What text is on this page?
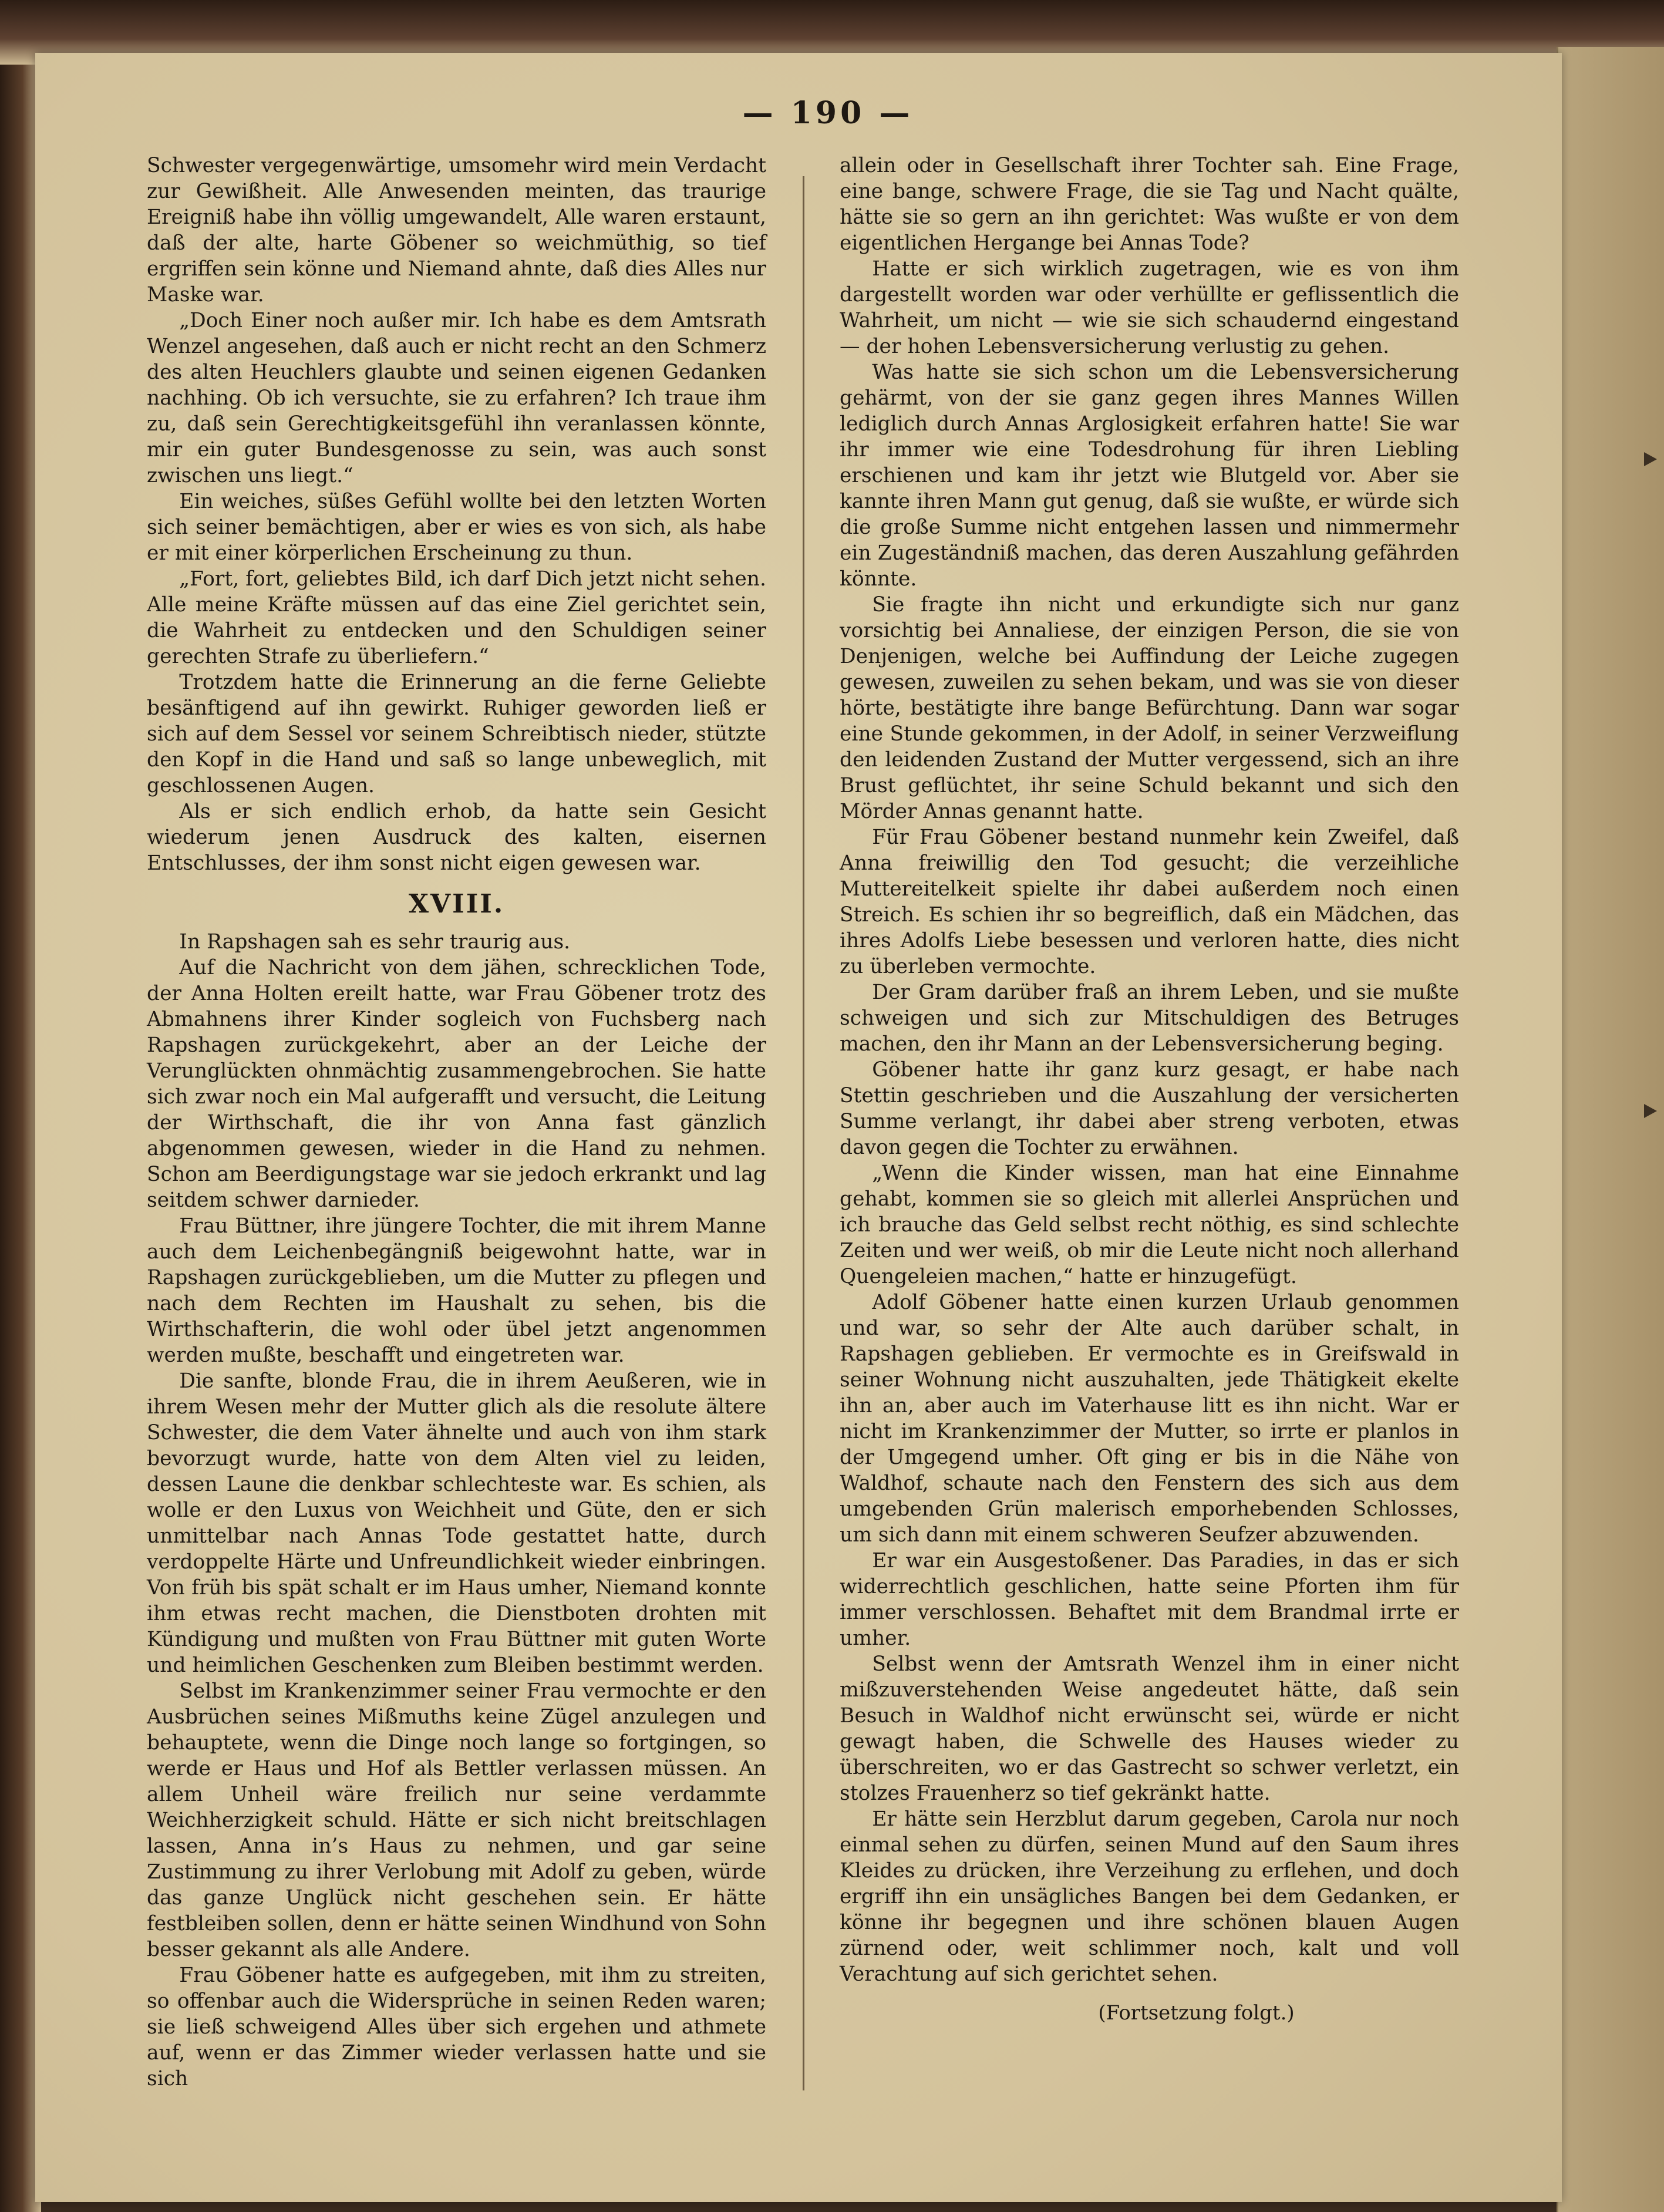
— 190 —

Schwester vergegenwärtige, umsomehr wird mein Verdacht zur Gewißheit. Alle Anwesenden meinten, das traurige Ereigniß habe ihn völlig umgewandelt, Alle waren erstaunt, daß der alte, harte Göbener so weichmüthig, so tief ergriffen sein könne und Niemand ahnte, daß dies Alles nur Maske war.

„Doch Einer noch außer mir. Ich habe es dem Amtsrath Wenzel angesehen, daß auch er nicht recht an den Schmerz des alten Heuchlers glaubte und seinen eigenen Gedanken nachhing. Ob ich versuchte, sie zu erfahren? Ich traue ihm zu, daß sein Gerechtigkeitsgefühl ihn veranlassen könnte, mir ein guter Bundesgenosse zu sein, was auch sonst zwischen uns liegt.“

Ein weiches, süßes Gefühl wollte bei den letzten Worten sich seiner bemächtigen, aber er wies es von sich, als habe er mit einer körperlichen Erscheinung zu thun.

„Fort, fort, geliebtes Bild, ich darf Dich jetzt nicht sehen. Alle meine Kräfte müssen auf das eine Ziel gerichtet sein, die Wahrheit zu entdecken und den Schuldigen seiner gerechten Strafe zu überliefern.“

Trotzdem hatte die Erinnerung an die ferne Geliebte besänftigend auf ihn gewirkt. Ruhiger geworden ließ er sich auf dem Sessel vor seinem Schreibtisch nieder, stützte den Kopf in die Hand und saß so lange unbeweglich, mit geschlossenen Augen.

Als er sich endlich erhob, da hatte sein Gesicht wiederum jenen Ausdruck des kalten, eisernen Entschlusses, der ihm sonst nicht eigen gewesen war.

XVIII.

In Rapshagen sah es sehr traurig aus.

Auf die Nachricht von dem jähen, schrecklichen Tode, der Anna Holten ereilt hatte, war Frau Göbener trotz des Abmahnens ihrer Kinder sogleich von Fuchsberg nach Rapshagen zurückgekehrt, aber an der Leiche der Verunglückten ohnmächtig zusammengebrochen. Sie hatte sich zwar noch ein Mal aufgerafft und versucht, die Leitung der Wirthschaft, die ihr von Anna fast gänzlich abgenommen gewesen, wieder in die Hand zu nehmen. Schon am Beerdigungstage war sie jedoch erkrankt und lag seitdem schwer darnieder.

Frau Büttner, ihre jüngere Tochter, die mit ihrem Manne auch dem Leichenbegängniß beigewohnt hatte, war in Rapshagen zurückgeblieben, um die Mutter zu pflegen und nach dem Rechten im Haushalt zu sehen, bis die Wirthschafterin, die wohl oder übel jetzt angenommen werden mußte, beschafft und eingetreten war.

Die sanfte, blonde Frau, die in ihrem Aeußeren, wie in ihrem Wesen mehr der Mutter glich als die resolute ältere Schwester, die dem Vater ähnelte und auch von ihm stark bevorzugt wurde, hatte von dem Alten viel zu leiden, dessen Laune die denkbar schlechteste war. Es schien, als wolle er den Luxus von Weichheit und Güte, den er sich unmittelbar nach Annas Tode gestattet hatte, durch verdoppelte Härte und Unfreundlichkeit wieder einbringen. Von früh bis spät schalt er im Haus umher, Niemand konnte ihm etwas recht machen, die Dienstboten drohten mit Kündigung und mußten von Frau Büttner mit guten Worte und heimlichen Geschenken zum Bleiben bestimmt werden.

Selbst im Krankenzimmer seiner Frau vermochte er den Ausbrüchen seines Mißmuths keine Zügel anzulegen und behauptete, wenn die Dinge noch lange so fortgingen, so werde er Haus und Hof als Bettler verlassen müssen. An allem Unheil wäre freilich nur seine verdammte Weichherzigkeit schuld. Hätte er sich nicht breitschlagen lassen, Anna in’s Haus zu nehmen, und gar seine Zustimmung zu ihrer Verlobung mit Adolf zu geben, würde das ganze Unglück nicht geschehen sein. Er hätte festbleiben sollen, denn er hätte seinen Windhund von Sohn besser gekannt als alle Andere.

Frau Göbener hatte es aufgegeben, mit ihm zu streiten, so offenbar auch die Widersprüche in seinen Reden waren; sie ließ schweigend Alles über sich ergehen und athmete auf, wenn er das Zimmer wieder verlassen hatte und sie sich

allein oder in Gesellschaft ihrer Tochter sah. Eine Frage, eine bange, schwere Frage, die sie Tag und Nacht quälte, hätte sie so gern an ihn gerichtet: Was wußte er von dem eigentlichen Hergange bei Annas Tode?

Hatte er sich wirklich zugetragen, wie es von ihm dargestellt worden war oder verhüllte er geflissentlich die Wahrheit, um nicht — wie sie sich schaudernd eingestand — der hohen Lebensversicherung verlustig zu gehen.

Was hatte sie sich schon um die Lebensversicherung gehärmt, von der sie ganz gegen ihres Mannes Willen lediglich durch Annas Arglosigkeit erfahren hatte! Sie war ihr immer wie eine Todesdrohung für ihren Liebling erschienen und kam ihr jetzt wie Blutgeld vor. Aber sie kannte ihren Mann gut genug, daß sie wußte, er würde sich die große Summe nicht entgehen lassen und nimmermehr ein Zugeständniß machen, das deren Auszahlung gefährden könnte.

Sie fragte ihn nicht und erkundigte sich nur ganz vorsichtig bei Annaliese, der einzigen Person, die sie von Denjenigen, welche bei Auffindung der Leiche zugegen gewesen, zuweilen zu sehen bekam, und was sie von dieser hörte, bestätigte ihre bange Befürchtung. Dann war sogar eine Stunde gekommen, in der Adolf, in seiner Verzweiflung den leidenden Zustand der Mutter vergessend, sich an ihre Brust geflüchtet, ihr seine Schuld bekannt und sich den Mörder Annas genannt hatte.

Für Frau Göbener bestand nunmehr kein Zweifel, daß Anna freiwillig den Tod gesucht; die verzeihliche Muttereitelkeit spielte ihr dabei außerdem noch einen Streich. Es schien ihr so begreiflich, daß ein Mädchen, das ihres Adolfs Liebe besessen und verloren hatte, dies nicht zu überleben vermochte.

Der Gram darüber fraß an ihrem Leben, und sie mußte schweigen und sich zur Mitschuldigen des Betruges machen, den ihr Mann an der Lebensversicherung beging.

Göbener hatte ihr ganz kurz gesagt, er habe nach Stettin geschrieben und die Auszahlung der versicherten Summe verlangt, ihr dabei aber streng verboten, etwas davon gegen die Tochter zu erwähnen.

„Wenn die Kinder wissen, man hat eine Einnahme gehabt, kommen sie so gleich mit allerlei Ansprüchen und ich brauche das Geld selbst recht nöthig, es sind schlechte Zeiten und wer weiß, ob mir die Leute nicht noch allerhand Quengeleien machen,“ hatte er hinzugefügt.

Adolf Göbener hatte einen kurzen Urlaub genommen und war, so sehr der Alte auch darüber schalt, in Rapshagen geblieben. Er vermochte es in Greifswald in seiner Wohnung nicht auszuhalten, jede Thätigkeit ekelte ihn an, aber auch im Vaterhause litt es ihn nicht. War er nicht im Krankenzimmer der Mutter, so irrte er planlos in der Umgegend umher. Oft ging er bis in die Nähe von Waldhof, schaute nach den Fenstern des sich aus dem umgebenden Grün malerisch emporhebenden Schlosses, um sich dann mit einem schweren Seufzer abzuwenden.

Er war ein Ausgestoßener. Das Paradies, in das er sich widerrechtlich geschlichen, hatte seine Pforten ihm für immer verschlossen. Behaftet mit dem Brandmal irrte er umher.

Selbst wenn der Amtsrath Wenzel ihm in einer nicht mißzuverstehenden Weise angedeutet hätte, daß sein Besuch in Waldhof nicht erwünscht sei, würde er nicht gewagt haben, die Schwelle des Hauses wieder zu überschreiten, wo er das Gastrecht so schwer verletzt, ein stolzes Frauenherz so tief gekränkt hatte.

Er hätte sein Herzblut darum gegeben, Carola nur noch einmal sehen zu dürfen, seinen Mund auf den Saum ihres Kleides zu drücken, ihre Verzeihung zu erflehen, und doch ergriff ihn ein unsägliches Bangen bei dem Gedanken, er könne ihr begegnen und ihre schönen blauen Augen zürnend oder, weit schlimmer noch, kalt und voll Verachtung auf sich gerichtet sehen.

(Fortsetzung folgt.)
